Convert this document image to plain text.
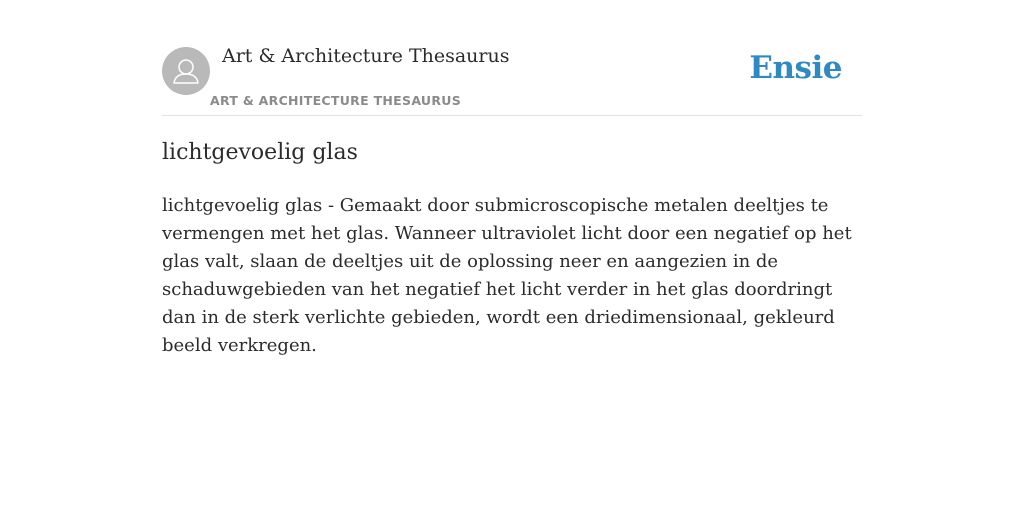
Art & Architecture Thesaurus
ART & ARCHITECTURE THESAURUS
Ensie
lichtgevoelig glas

lichtgevoelig glas - Gemaakt door submicroscopische metalen deeltjes te vermengen met het glas. Wanneer ultraviolet licht door een negatief op het glas valt, slaan de deeltjes uit de oplossing neer en aangezien in de schaduwgebieden van het negatief het licht verder in het glas doordringt dan in de sterk verlichte gebieden, wordt een driedimensionaal, gekleurd beeld verkregen.
